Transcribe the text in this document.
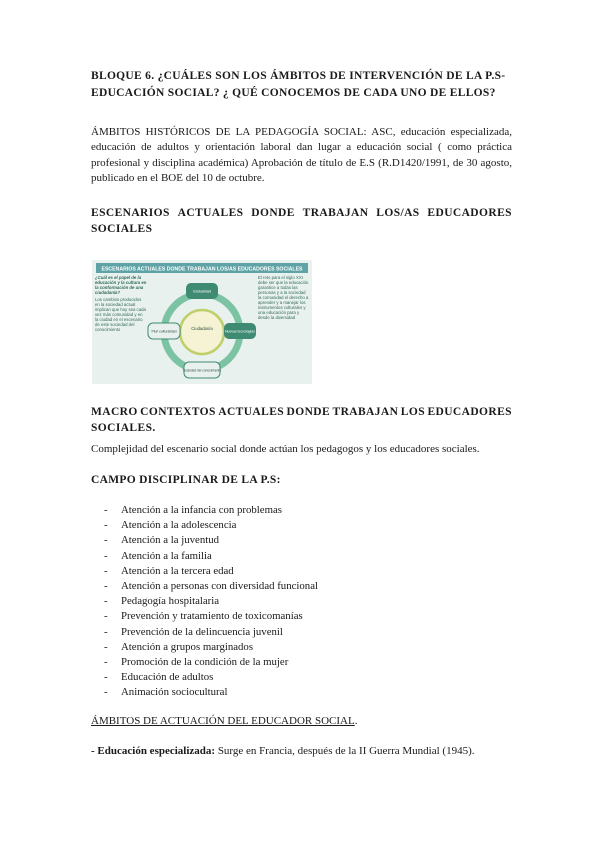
BLOQUE 6. ¿CUÁLES SON LOS ÁMBITOS DE INTERVENCIÓN DE LA P.S-
EDUCACIÓN SOCIAL? ¿ QUÉ CONOCEMOS DE CADA UNO DE ELLOS?
ÁMBITOS HISTÓRICOS DE LA PEDAGOGÍA SOCIAL: ASC, educación especializada, educación de adultos y orientación laboral dan lugar a educación social ( como práctica profesional y disciplina académica) Aprobación de título de E.S (R.D1420/1991, de 30 agosto, publicado en el BOE del 10 de octubre.
ESCENARIOS ACTUALES DONDE TRABAJAN LOS/AS EDUCADORES
SOCIALES
ESCENARIOS ACTUALES DONDE TRABAJAN LOS/AS EDUCADORES SOCIALES
Ciudadanía
Globalidad
Pluri culturalidad	Nuevas tecnologías
Sociedad del conocimiento
¿Cuál es el papel de la educación y la cultura en la conformación de una ciudadanía?
Los cambios producidos en la sociedad actual implican que hoy sea cada vez más comunidad y en la ciudad en el escenario de este sociedad del conocimiento
El reto para el siglo XXI debe ser que la educación garantice a todas las personas y a la sociedad la comunidad el derecho a aprender y a manejar los instrumentos culturales y una educación para y desde la diversidad
MACRO CONTEXTOS ACTUALES DONDE TRABAJAN LOS EDUCADORES
SOCIALES.
Complejidad del escenario social donde actúan los pedagogos y los educadores sociales.
CAMPO DISCIPLINAR DE LA P.S:
-	Atención a la infancia con problemas
-	Atención a la adolescencia
-	Atención a la juventud
-	Atención a la familia
-	Atención a la tercera edad
-	Atención a personas con diversidad funcional
-	Pedagogía hospitalaria
-	Prevención y tratamiento de toxicomanías
-	Prevención de la delincuencia juvenil
-	Atención a grupos marginados
-	Promoción de la condición de la mujer
-	Educación de adultos
-	Animación sociocultural
ÁMBITOS DE ACTUACIÓN DEL EDUCADOR SOCIAL.
- Educación especializada: Surge en Francia, después de la II Guerra Mundial (1945).
